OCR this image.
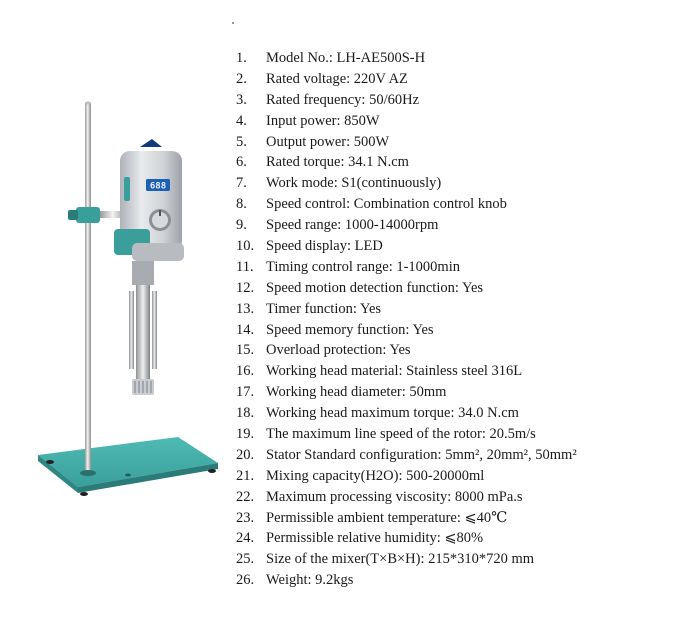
688
1.	Model No.: LH-AE500S-H
2.	Rated voltage: 220V AZ
3.	Rated frequency: 50/60Hz
4.	Input power: 850W
5.	Output power: 500W
6.	Rated torque: 34.1 N.cm
7.	Work mode: S1(continuously)
8.	Speed control: Combination control knob
9.	Speed range: 1000-14000rpm
10. Speed display: LED
11. Timing control range: 1-1000min
12. Speed motion detection function: Yes
13. Timer function: Yes
14. Speed memory function: Yes
15. Overload protection: Yes
16. Working head material: Stainless steel 316L
17. Working head diameter: 50mm
18. Working head maximum torque: 34.0 N.cm
19. The maximum line speed of the rotor: 20.5m/s
20. Stator Standard configuration: 5mm², 20mm², 50mm²
21. Mixing capacity(H2O): 500-20000ml
22. Maximum processing viscosity: 8000 mPa.s
23. Permissible ambient temperature: ⩽40℃
24. Permissible relative humidity: ⩽80%
25. Size of the mixer(T×B×H): 215*310*720 mm
26. Weight: 9.2kgs
